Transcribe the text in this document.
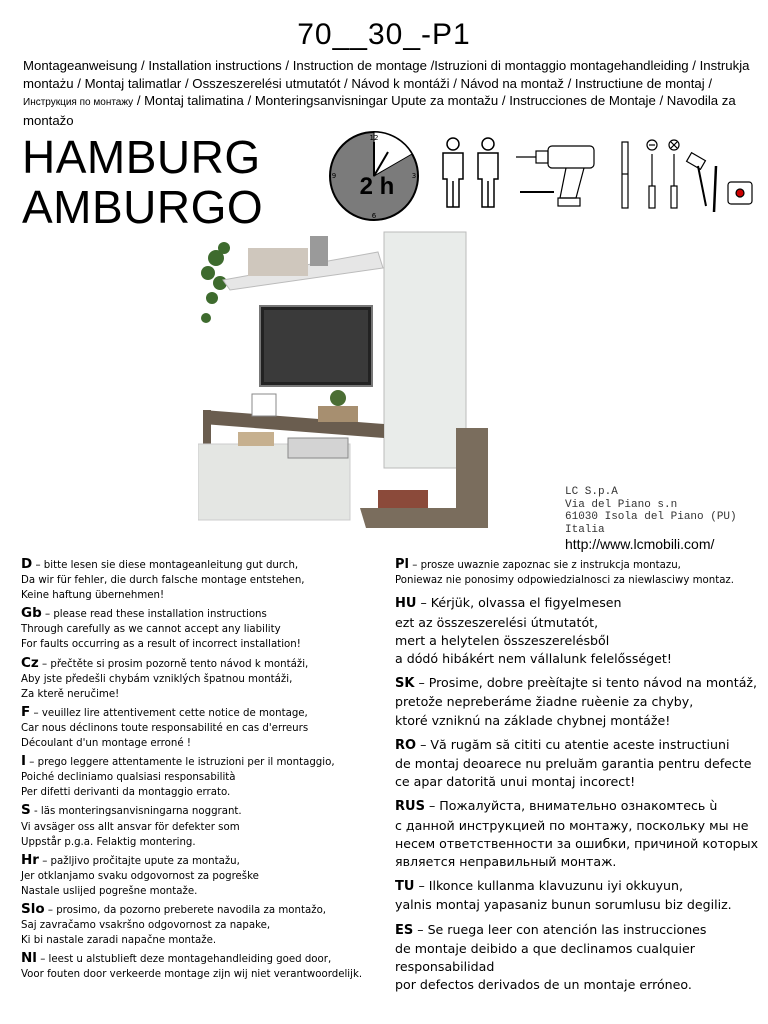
70__30_-P1
Montageanweisung / Installation instructions / Instruction de montage /Istruzioni di montaggio montagehandleiding / Instrukja montażu / Montaj talimatlar / Osszeszerelési utmutatót / Návod k montáži / Návod na montaž / Instructiune de montaj / Инструкция по монтажу / Montaj talimatina / Monteringsanvisningar Upute za montažu / Instrucciones de Montaje / Navodila za montažo
HAMBURG
AMBURGO
12
3
6
9 2 h
LC S.p.A
Via del Piano s.n
61030 Isola del Piano (PU)
Italia
http://www.lcmobili.com/
D – bitte lesen sie diese montageanleitung gut durch,
Da wir für fehler, die durch falsche montage entstehen,
Keine haftung übernehmen!
Gb – please read these installation instructions
Through carefully as we cannot accept any liability
For faults occurring as a result of incorrect installation!
Cz – přečtěte si prosim pozorně tento návod k montáži,
Aby jste předešli chybám vzniklých špatnou montáži,
Za kterě neručime!
F – veuillez lire attentivement cette notice de montage,
Car nous déclinons toute responsabilité en cas d'erreurs
Découlant d'un montage erroné !
I – prego leggere attentamente le istruzioni per il montaggio,
Poiché decliniamo qualsiasi responsabilità
Per difetti derivanti da montaggio errato.
S - läs monteringsanvisningarna noggrant.
Vi avsäger oss allt ansvar för defekter som
Uppstår p.g.a. Felaktig montering.
Hr – pažljivo pročitajte upute za montažu,
Jer otklanjamo svaku odgovornost za pogreške
Nastale uslijed pogrešne montaže.
Slo – prosimo, da pozorno preberete navodila za montažo,
Saj zavračamo vsakršno odgovornost za napake,
Ki bi nastale zaradi napačne montaže.
Nl – leest u alstublieft deze montagehandleiding goed door,
Voor fouten door verkeerde montage zijn wij niet verantwoordelijk.
Pl – prosze uwaznie zapoznac sie z instrukcja montazu,
Poniewaz nie ponosimy odpowiedzialnosci za niewlasciwy montaz.
HU – Kérjük, olvassa el figyelmesen
ezt az összeszerelési útmutatót,
mert a helytelen összeszerelésből
a dódó hibákért nem vállalunk felelősséget!
SK – Prosime, dobre preèítajte si tento návod na montáž,
pretože nepreberáme žiadne ruèenie za chyby,
ktoré vzniknú na základe chybnej montáže!
RO – Vă rugăm să cititi cu atentie aceste instructiuni
de montaj deoarece nu preluăm garantia pentru defecte
ce apar datorită unui montaj incorect!
RUS – Пожалуйста, внимательно ознакомтесь ù
с данной инструкцией по монтажу, поскольку мы не
несем ответственности за ошибки, причиной которых
является неправильный монтаж.
TU – Ilkonce kullanma klavuzunu iyi okkuyun,
yalnis montaj yapasaniz bunun sorumlusu biz degiliz.
ES – Se ruega leer con atención las instrucciones
de montaje deibido a que declinamos cualquier
responsabilidad
por defectos derivados de un montaje erróneo.
